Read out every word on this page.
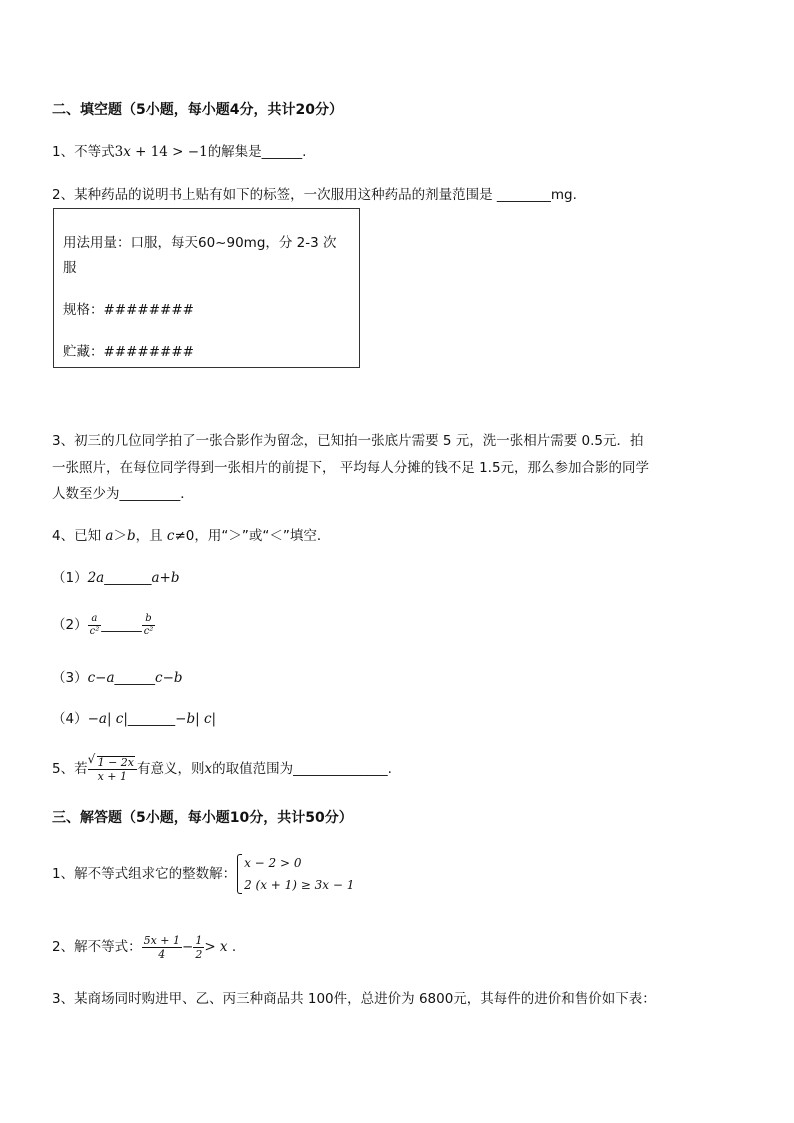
二、填空题（5小题，每小题4分，共计20分）
1、不等式3x + 14 > −1的解集是______.
2、某种药品的说明书上贴有如下的标签，一次服用这种药品的剂量范围是 ________mg.
用法用量：口服，每天60~90mg，分 2-3 次
服
规格：########
贮藏：########
3、初三的几位同学拍了一张合影作为留念，已知拍一张底片需要 5 元，洗一张相片需要 0.5元．拍
一张照片，在每位同学得到一张相片的前提下， 平均每人分摊的钱不足 1.5元，那么参加合影的同学
人数至少为_________．
4、已知 a＞b，且 c≠0，用“＞”或“＜”填空．
（1）2a_______a+b
$(2) \frac{a}{\text{c²}}$ ______ $\frac{b}{\text{c²}}$
（3）c−a______c−b
（4）−a| c|_______−b| c|
5、若
√ $\frac{1 - 2x}{x + 1}$ 有意义，则x的取值范围为______________.
三、解答题（5小题，每小题10分，共计50分）
1、解不等式组求它的整数解：
x − 2 > 0
2 (x + 1) ≥ 3x − 1
2、解不等式： $\frac{5x + 1}{4} - \frac{1}{2} > x$ .
3、某商场同时购进甲、乙、丙三种商品共 100件，总进价为 6800元，其每件的进价和售价如下表：
